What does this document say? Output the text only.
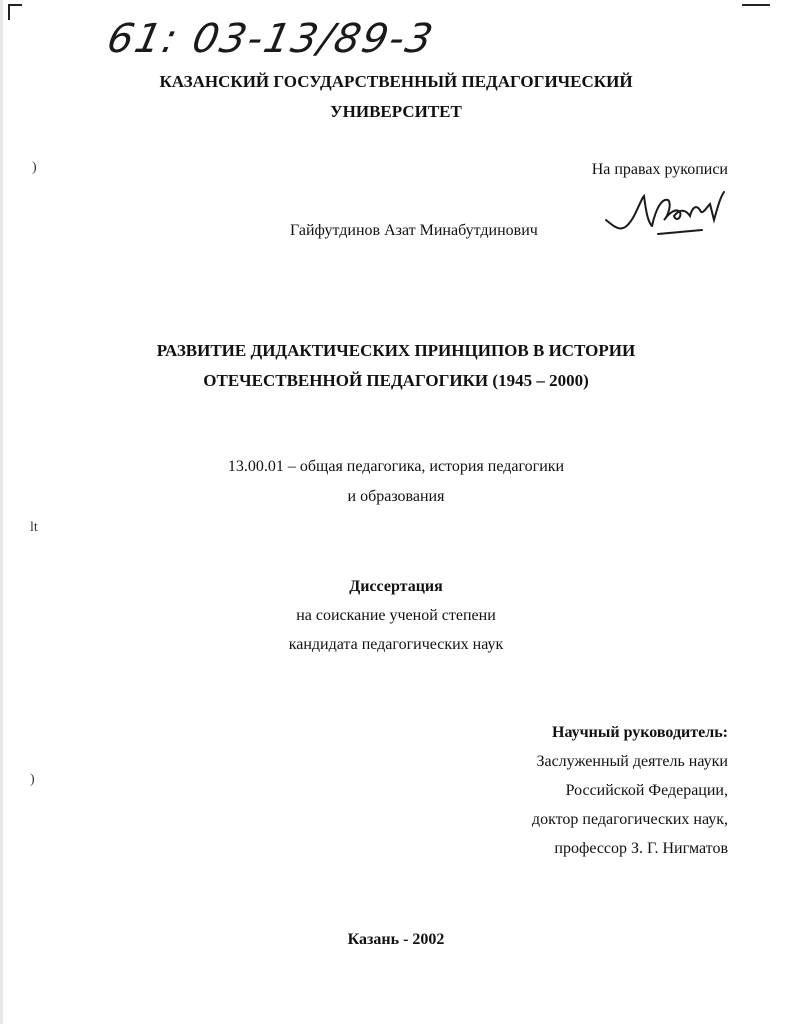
)
lt
)
61: 03-13/89-3
КАЗАНСКИЙ ГОСУДАРСТВЕННЫЙ ПЕДАГОГИЧЕСКИЙ
УНИВЕРСИТЕТ
На правах рукописи
Гайфутдинов Азат Минабутдинович
РАЗВИТИЕ ДИДАКТИЧЕСКИХ ПРИНЦИПОВ В ИСТОРИИ
ОТЕЧЕСТВЕННОЙ ПЕДАГОГИКИ (1945 – 2000)
13.00.01 – общая педагогика, история педагогики
и образования
Диссертация
на соискание ученой степени
кандидата педагогических наук
Научный руководитель:
Заслуженный деятель науки
Российской Федерации,
доктор педагогических наук,
профессор З. Г. Нигматов
Казань - 2002
